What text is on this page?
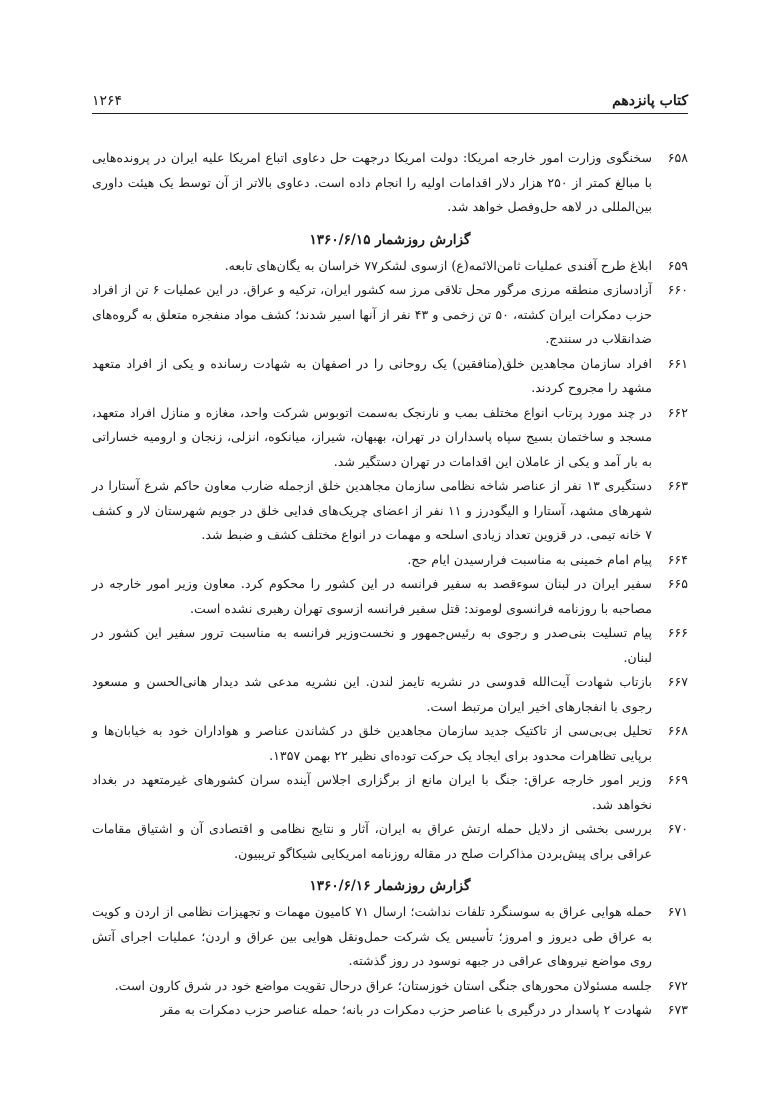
کتاب پانزدهم
۱۲۶۴
۶۵۸
سخنگوی وزارت امور خارجه امریکا: دولت امریکا درجهت حل دعاوی اتباع امریکا علیه ایران در پرونده‌هایی با مبالغ کمتر از ۲۵۰ هزار دلار اقدامات اولیه را انجام داده است. دعاوی بالاتر از آن توسط یک هیئت داوری بین‌المللی در لاهه حل‌وفصل خواهد شد.
گزارش روزشمار ۱۳۶۰/۶/۱۵
۶۵۹
ابلاغ طرح آفندی عملیات ثامن‌الائمه(ع) ازسوی لشکر۷۷ خراسان به یگان‌های تابعه.
۶۶۰
آزادسازی منطقه مرزی مرگور محل تلاقی مرز سه کشور ایران، ترکیه و عراق. در این عملیات ۶ تن از افراد حزب دمکرات ایران کشته، ۵۰ تن زخمی و ۴۳ نفر از آنها اسیر شدند؛ کشف مواد منفجره متعلق به گروه‌های ضدانقلاب در سنندج.
۶۶۱
افراد سازمان مجاهدین خلق(منافقین) یک روحانی را در اصفهان به شهادت رسانده و یکی از افراد متعهد مشهد را مجروح کردند.
۶۶۲
در چند مورد پرتاب انواع مختلف بمب و نارنجک به‌سمت اتوبوس شرکت واحد، مغازه و منازل افراد متعهد، مسجد و ساختمان بسیج سپاه پاسداران در تهران، بهبهان، شیراز، میانکوه، انزلی، زنجان و ارومیه خساراتی به بار آمد و یکی از عاملان این اقدامات در تهران دستگیر شد.
۶۶۳
دستگیری ۱۳ نفر از عناصر شاخه نظامی سازمان مجاهدین خلق ازجمله ضارب معاون حاکم شرع آستارا در شهرهای مشهد، آستارا و الیگودرز و ۱۱ نفر از اعضای چریک‌های فدایی خلق در جویم شهرستان لار و کشف ۷ خانه تیمی. در قزوین تعداد زیادی اسلحه و مهمات در انواع مختلف کشف و ضبط شد.
۶۶۴
پیام امام خمینی به مناسبت فرارسیدن ایام حج.
۶۶۵
سفیر ایران در لبنان سوءقصد به سفیر فرانسه در این کشور را محکوم کرد. معاون وزیر امور خارجه در مصاحبه با روزنامه فرانسوی لوموند: قتل سفیر فرانسه ازسوی تهران رهبری نشده است.
۶۶۶
پیام تسلیت بنی‌صدر و رجوی به رئیس‌جمهور و نخست‌وزیر فرانسه به مناسبت ترور سفیر این کشور در لبنان.
۶۶۷
بازتاب شهادت آیت‌الله قدوسی در نشریه تایمز لندن. این نشریه مدعی شد دیدار هانی‌الحسن و مسعود رجوی با انفجارهای اخیر ایران مرتبط است.
۶۶۸
تحلیل بی‌بی‌سی از تاکتیک جدید سازمان مجاهدین خلق در کشاندن عناصر و هواداران خود به خیابان‌ها و برپایی تظاهرات محدود برای ایجاد یک حرکت توده‌ای نظیر ۲۲ بهمن ۱۳۵۷.
۶۶۹
وزیر امور خارجه عراق: جنگ با ایران مانع از برگزاری اجلاس آینده سران کشورهای غیرمتعهد در بغداد نخواهد شد.
۶۷۰
بررسی بخشی از دلایل حمله ارتش عراق به ایران، آثار و نتایج نظامی و اقتصادی آن و اشتیاق مقامات عراقی برای پیش‌بردن مذاکرات صلح در مقاله روزنامه امریکایی شیکاگو تریبیون.
گزارش روزشمار ۱۳۶۰/۶/۱۶
۶۷۱
حمله هوایی عراق به سوسنگرد تلفات نداشت؛ ارسال ۷۱ کامیون مهمات و تجهیزات نظامی از اردن و کویت به عراق طی دیروز و امروز؛ تأسیس یک شرکت حمل‌ونقل هوایی بین عراق و اردن؛ عملیات اجرای آتش روی مواضع نیروهای عراقی در جبهه نوسود در روز گذشته.
۶۷۲
جلسه مسئولان محورهای جنگی استان خوزستان؛ عراق درحال تقویت مواضع خود در شرق کارون است.
۶۷۳
شهادت ۲ پاسدار در درگیری با عناصر حزب دمکرات در بانه؛ حمله عناصر حزب دمکرات به مقر
